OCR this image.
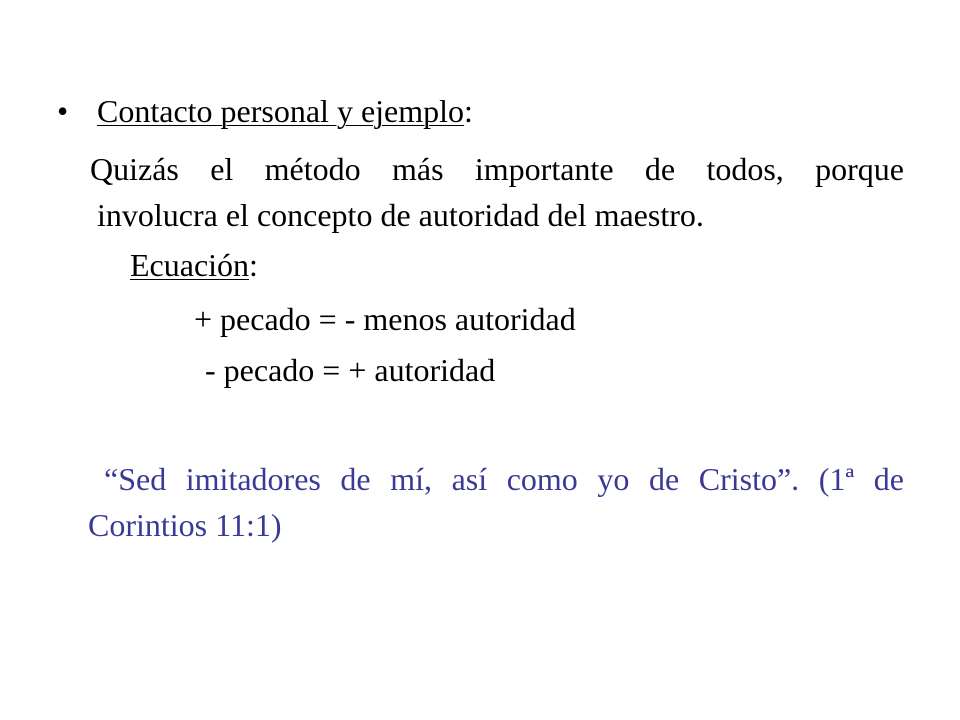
• Contacto personal y ejemplo:
Quizás el método más importante de todos, porque
involucra el concepto de autoridad del maestro.
Ecuación:
+ pecado = - menos autoridad
- pecado = + autoridad
“Sed imitadores de mí, así como yo de Cristo”. (1ª de
Corintios 11:1)
